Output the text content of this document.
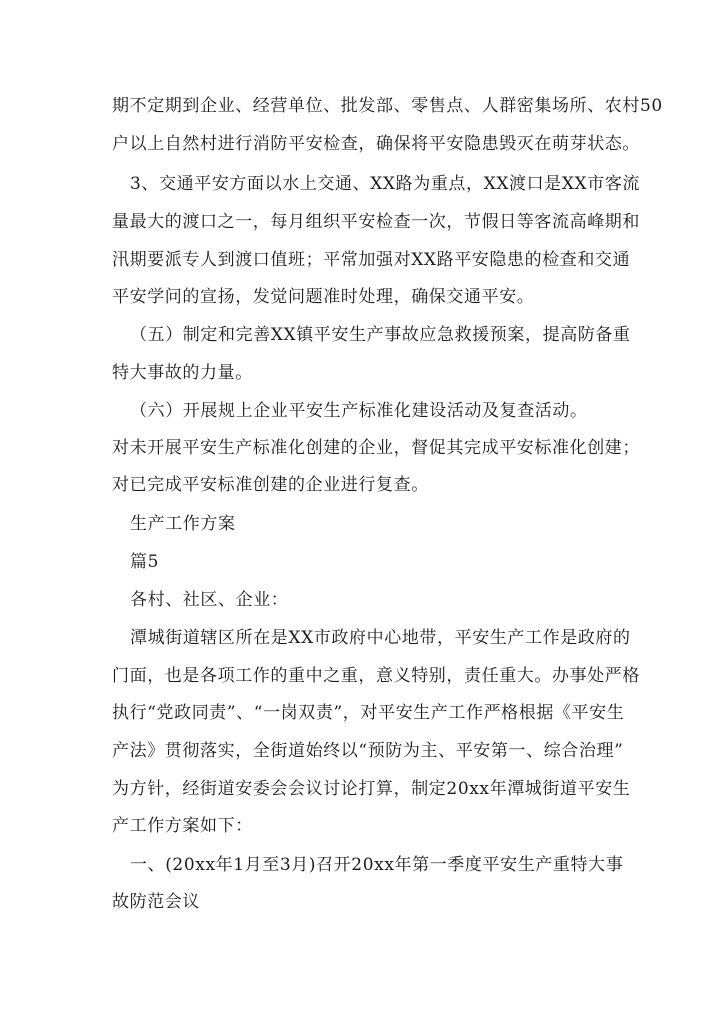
期不定期到企业、经营单位、批发部、零售点、人群密集场所、农村50

户以上自然村进行消防平安检查，确保将平安隐患毁灭在萌芽状态。

3、交通平安方面以水上交通、XX路为重点，XX渡口是XX市客流

量最大的渡口之一，每月组织平安检查一次，节假日等客流高峰期和

汛期要派专人到渡口值班；平常加强对XX路平安隐患的检查和交通

平安学问的宣扬，发觉问题准时处理，确保交通平安。

（五）制定和完善XX镇平安生产事故应急救援预案，提高防备重

特大事故的力量。

（六）开展规上企业平安生产标准化建设活动及复查活动。

对未开展平安生产标准化创建的企业，督促其完成平安标准化创建；

对已完成平安标准创建的企业进行复查。

生产工作方案

篇5

各村、社区、企业：

潭城街道辖区所在是XX市政府中心地带，平安生产工作是政府的

门面，也是各项工作的重中之重，意义特别，责任重大。办事处严格

执行“党政同责”、“一岗双责”，对平安生产工作严格根据《平安生

产法》贯彻落实，全街道始终以“预防为主、平安第一、综合治理”

为方针，经街道安委会会议讨论打算，制定20xx年潭城街道平安生

产工作方案如下：

一、(20xx年1月至3月)召开20xx年第一季度平安生产重特大事

故防范会议
